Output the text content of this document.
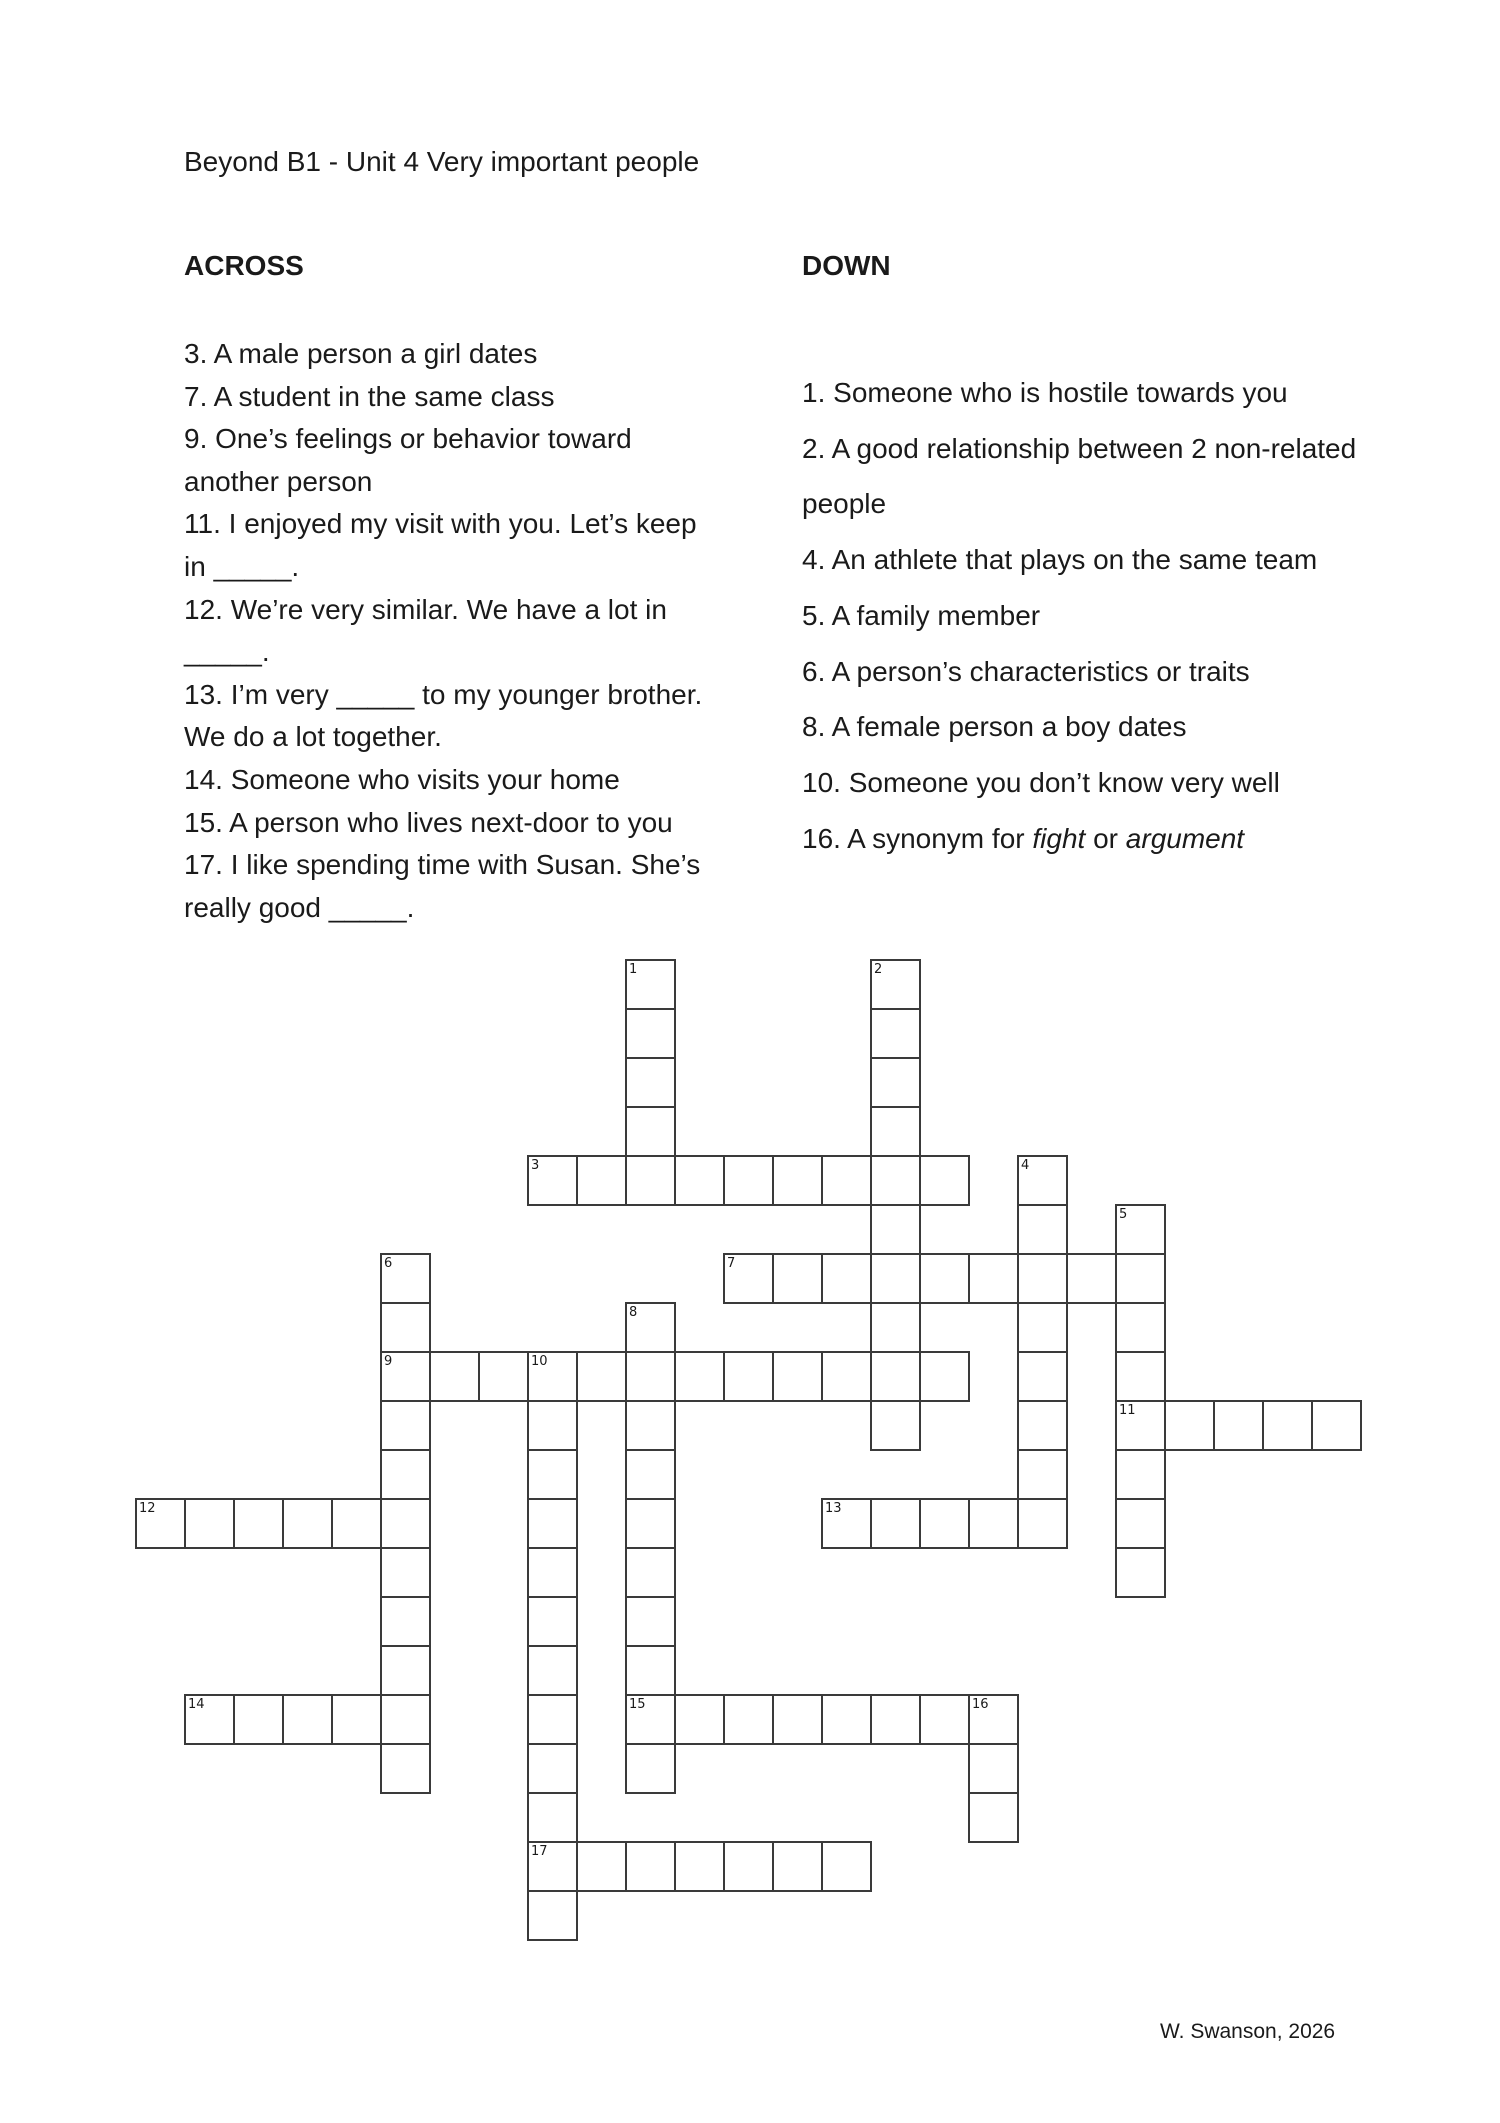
Beyond B1 - Unit 4 Very important people
ACROSS	DOWN
3. A male person a girl dates
7. A student in the same class
9. One’s feelings or behavior toward another person
11. I enjoyed my visit with you. Let’s keep in _____.
12. We’re very similar. We have a lot in _____.
13. I’m very _____ to my younger brother. We do a lot together.
14. Someone who visits your home
15. A person who lives next-door to you
17. I like spending time with Susan. She’s really good _____.
1. Someone who is hostile towards you
2. A good relationship between 2 non-related people
4. An athlete that plays on the same team
5. A family member
6. A person’s characteristics or traits
8. A female person a boy dates
10. Someone you don’t know very well
16. A synonym for fight or argument
1	2
3	4
5
6	7
8
9	10
11
12	13
14	15	16
17
W. Swanson, 2026
